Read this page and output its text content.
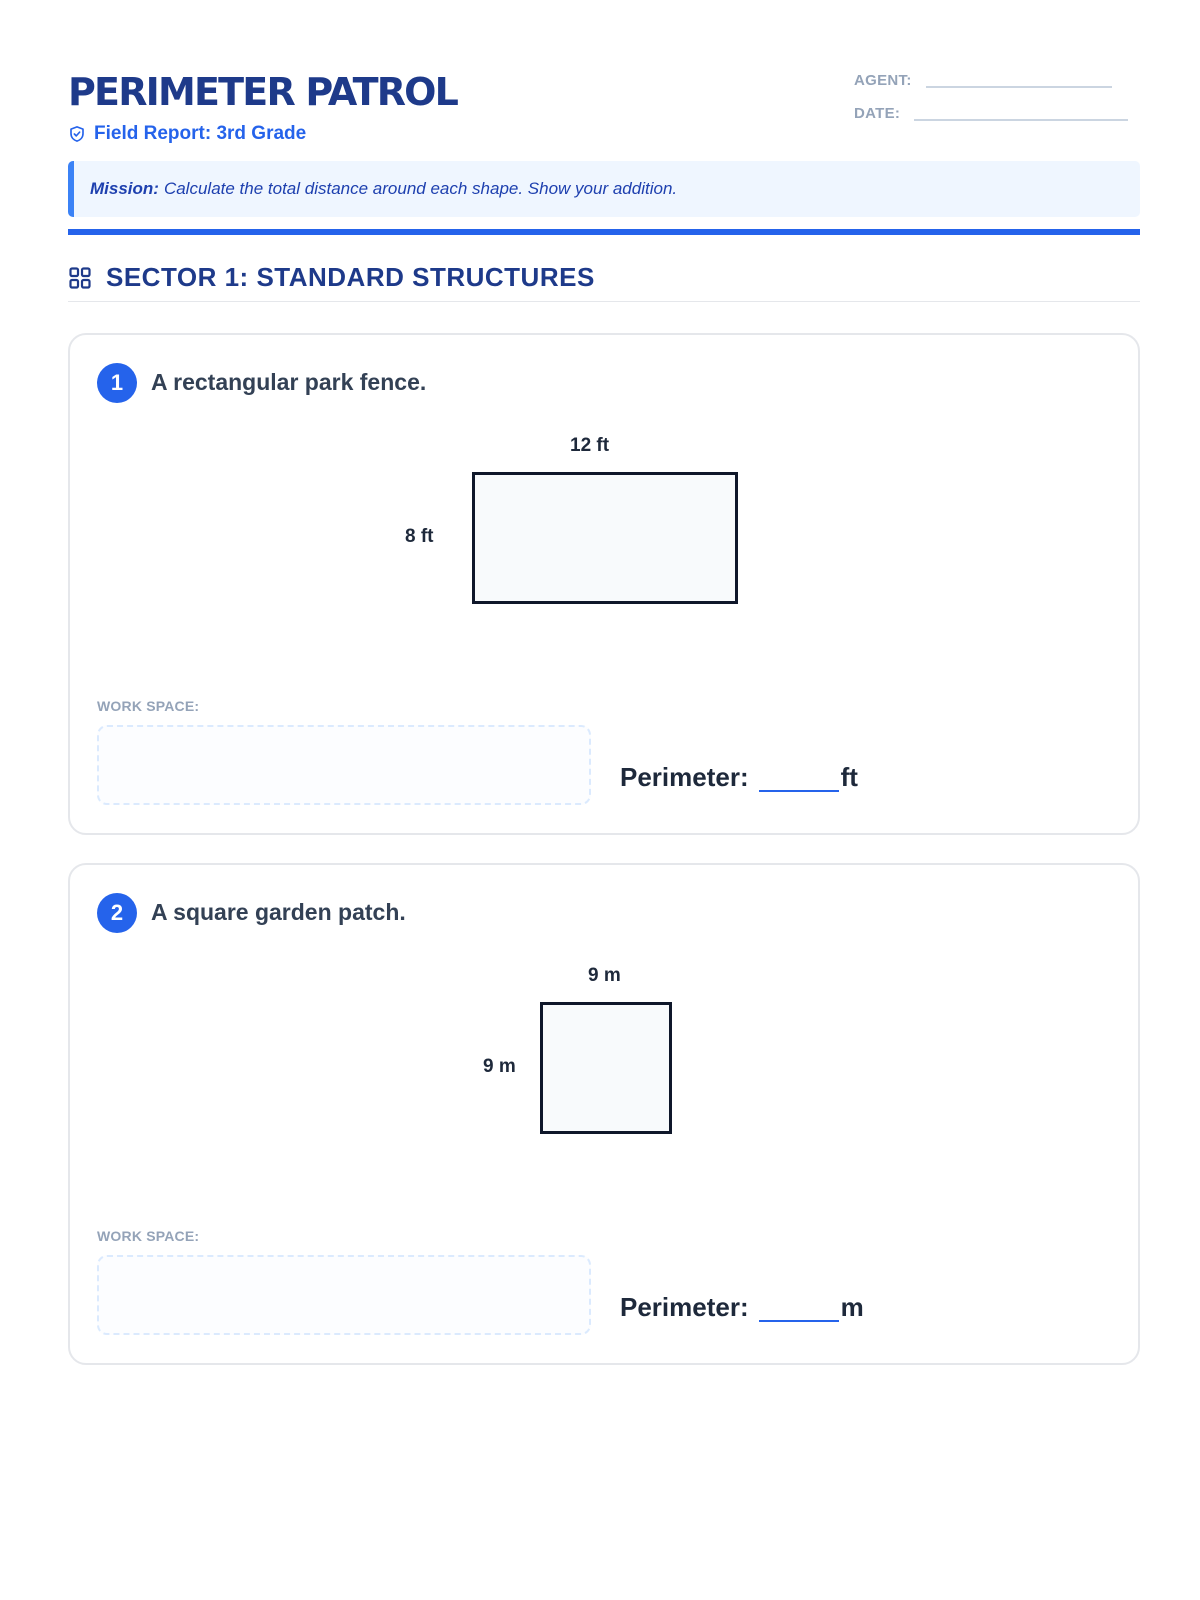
PERIMETER PATROL
Field Report: 3rd Grade
AGENT:
DATE:
Mission: Calculate the total distance around each shape. Show your addition.
SECTOR 1: STANDARD STRUCTURES
1	A rectangular park fence.
12 ft
8 ft
WORK SPACE:
Perimeter:	ft
2	A square garden patch.
9 m
9 m
WORK SPACE:
Perimeter:	m
